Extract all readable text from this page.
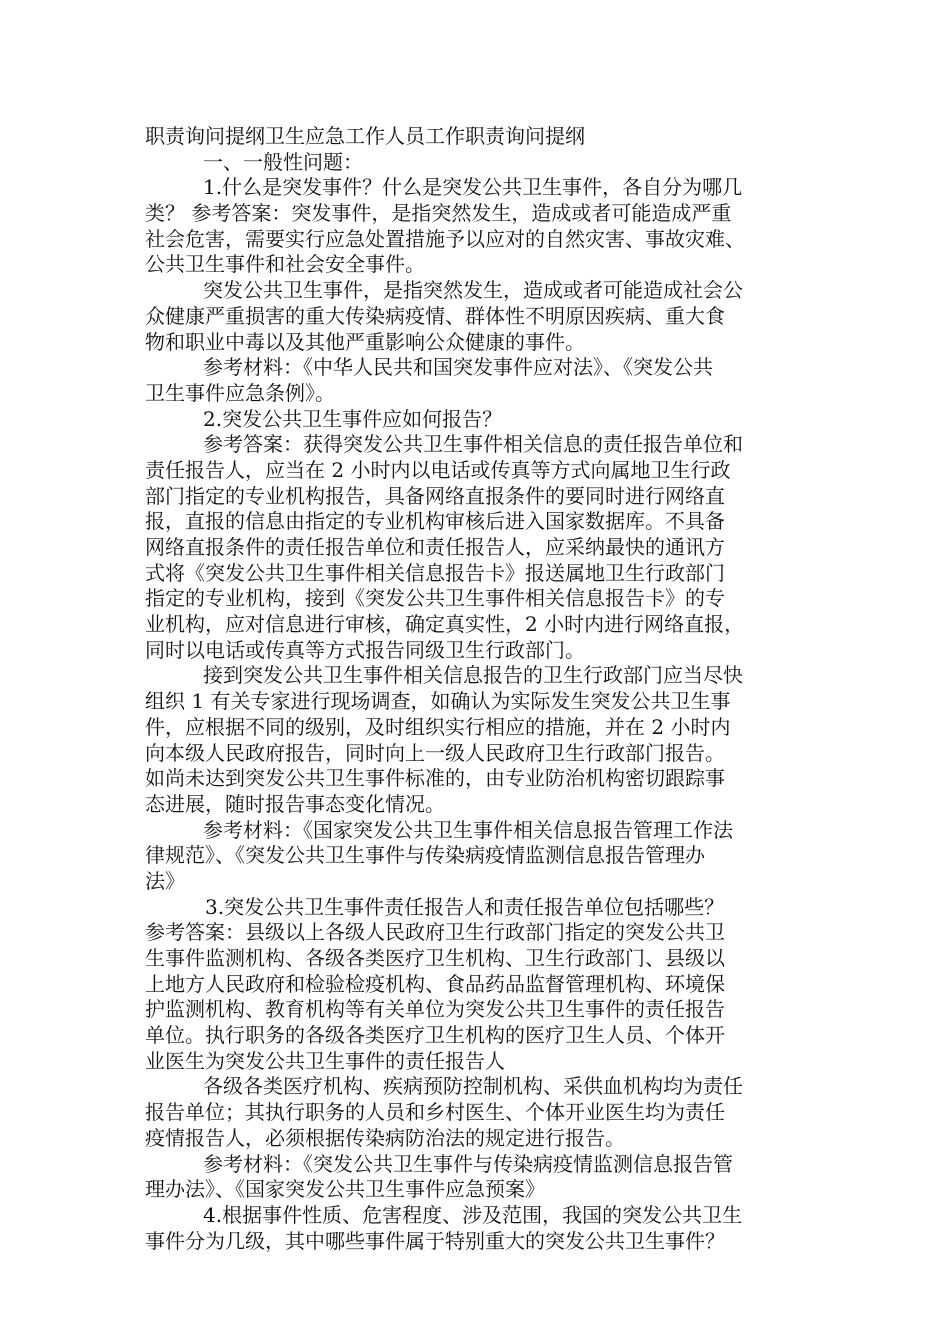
职责询问提纲卫生应急工作人员工作职责询问提纲
一、一般性问题：
1.什么是突发事件？什么是突发公共卫生事件，各自分为哪几
类？ 参考答案：突发事件，是指突然发生，造成或者可能造成严重
社会危害，需要实行应急处置措施予以应对的自然灾害、事故灾难、
公共卫生事件和社会安全事件。
突发公共卫生事件，是指突然发生，造成或者可能造成社会公
众健康严重损害的重大传染病疫情、群体性不明原因疾病、重大食
物和职业中毒以及其他严重影响公众健康的事件。
参考材料：《中华人民共和国突发事件应对法》、《突发公共
卫生事件应急条例》。
2.突发公共卫生事件应如何报告？
参考答案：获得突发公共卫生事件相关信息的责任报告单位和
责任报告人，应当在 2 小时内以电话或传真等方式向属地卫生行政
部门指定的专业机构报告，具备网络直报条件的要同时进行网络直
报，直报的信息由指定的专业机构审核后进入国家数据库。不具备
网络直报条件的责任报告单位和责任报告人，应采纳最快的通讯方
式将《突发公共卫生事件相关信息报告卡》报送属地卫生行政部门
指定的专业机构，接到《突发公共卫生事件相关信息报告卡》的专
业机构，应对信息进行审核，确定真实性，2 小时内进行网络直报，
同时以电话或传真等方式报告同级卫生行政部门。
接到突发公共卫生事件相关信息报告的卫生行政部门应当尽快
组织 1 有关专家进行现场调查，如确认为实际发生突发公共卫生事
件，应根据不同的级别，及时组织实行相应的措施，并在 2 小时内
向本级人民政府报告，同时向上一级人民政府卫生行政部门报告。
如尚未达到突发公共卫生事件标准的，由专业防治机构密切跟踪事
态进展，随时报告事态变化情况。
参考材料：《国家突发公共卫生事件相关信息报告管理工作法
律规范》、《突发公共卫生事件与传染病疫情监测信息报告管理办
法》
3.突发公共卫生事件责任报告人和责任报告单位包括哪些？
参考答案：县级以上各级人民政府卫生行政部门指定的突发公共卫
生事件监测机构、各级各类医疗卫生机构、卫生行政部门、县级以
上地方人民政府和检验检疫机构、食品药品监督管理机构、环境保
护监测机构、教育机构等有关单位为突发公共卫生事件的责任报告
单位。执行职务的各级各类医疗卫生机构的医疗卫生人员、个体开
业医生为突发公共卫生事件的责任报告人
各级各类医疗机构、疾病预防控制机构、采供血机构均为责任
报告单位；其执行职务的人员和乡村医生、个体开业医生均为责任
疫情报告人，必须根据传染病防治法的规定进行报告。
参考材料：《突发公共卫生事件与传染病疫情监测信息报告管
理办法》、《国家突发公共卫生事件应急预案》
4.根据事件性质、危害程度、涉及范围，我国的突发公共卫生
事件分为几级，其中哪些事件属于特别重大的突发公共卫生事件？
